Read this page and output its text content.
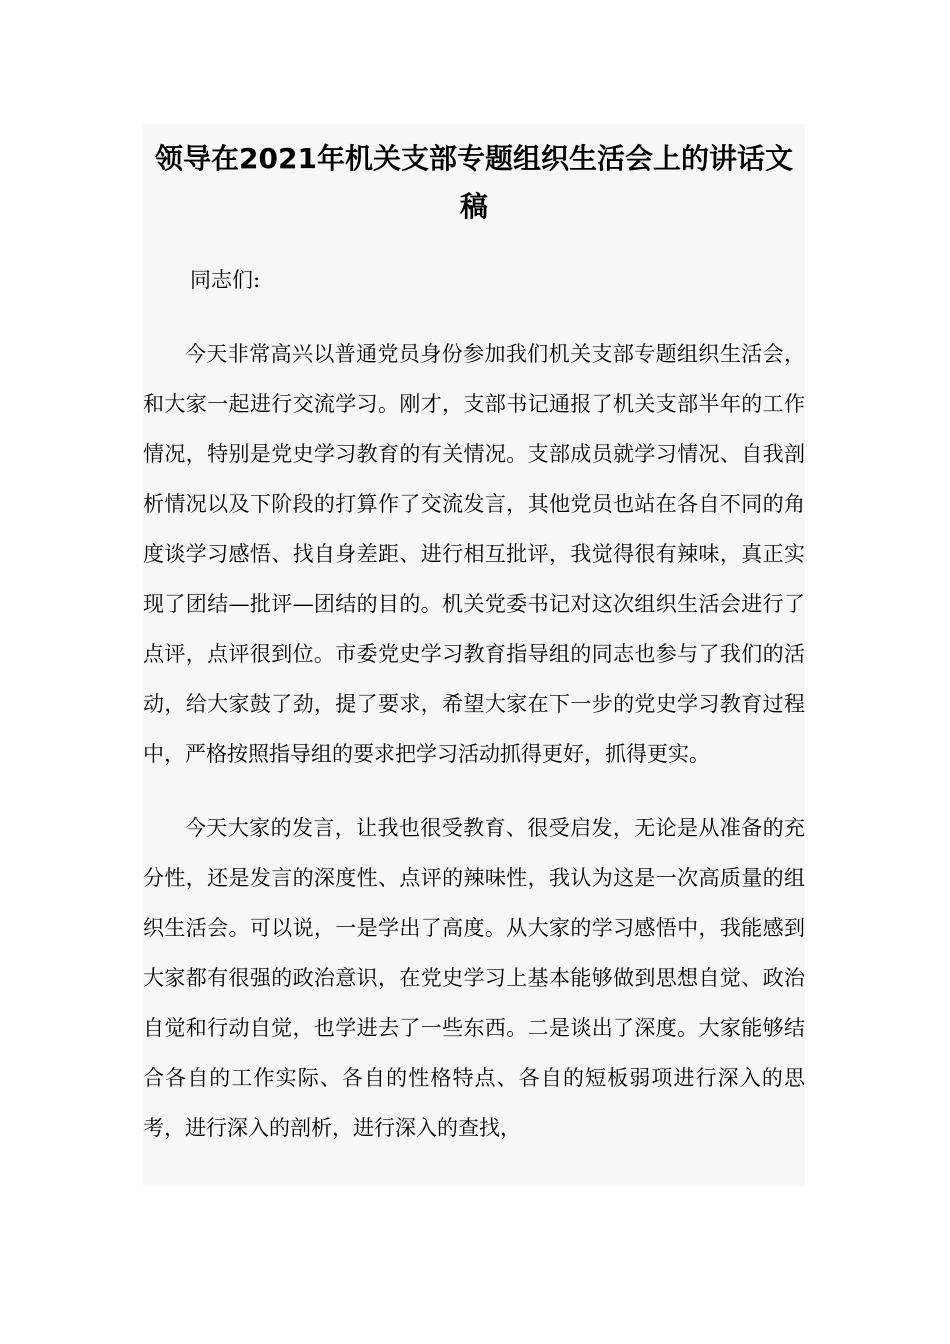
领导在2021年机关支部专题组织生活会上的讲话文稿

同志们:

今天非常高兴以普通党员身份参加我们机关支部专题组织生活会，和大家一起进行交流学习。刚才，支部书记通报了机关支部半年的工作情况，特别是党史学习教育的有关情况。支部成员就学习情况、自我剖析情况以及下阶段的打算作了交流发言，其他党员也站在各自不同的角度谈学习感悟、找自身差距、进行相互批评，我觉得很有辣味，真正实现了团结—批评—团结的目的。机关党委书记对这次组织生活会进行了点评，点评很到位。市委党史学习教育指导组的同志也参与了我们的活动，给大家鼓了劲，提了要求，希望大家在下一步的党史学习教育过程中，严格按照指导组的要求把学习活动抓得更好，抓得更实。

今天大家的发言，让我也很受教育、很受启发，无论是从准备的充分性，还是发言的深度性、点评的辣味性，我认为这是一次高质量的组织生活会。可以说，一是学出了高度。从大家的学习感悟中，我能感到大家都有很强的政治意识，在党史学习上基本能够做到思想自觉、政治自觉和行动自觉，也学进去了一些东西。二是谈出了深度。大家能够结合各自的工作实际、各自的性格特点、各自的短板弱项进行深入的思考，进行深入的剖析，进行深入的查找，
